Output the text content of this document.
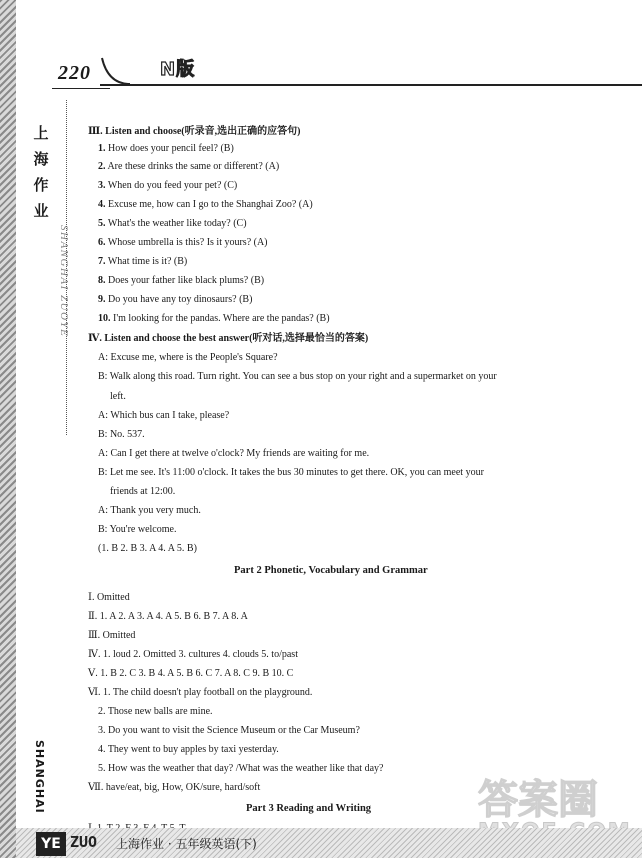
220	N版
上
海
作
业
SHANGHAI ZUOYE
Ⅲ. Listen and choose(听录音,选出正确的应答句)
1. How does your pencil feel? (B)
2. Are these drinks the same or different? (A)
3. When do you feed your pet? (C)
4. Excuse me, how can I go to the Shanghai Zoo? (A)
5. What's the weather like today? (C)
6. Whose umbrella is this? Is it yours? (A)
7. What time is it? (B)
8. Does your father like black plums? (B)
9. Do you have any toy dinosaurs? (B)
10. I'm looking for the pandas. Where are the pandas? (B)
Ⅳ. Listen and choose the best answer(听对话,选择最恰当的答案)
A: Excuse me, where is the People's Square?
B: Walk along this road. Turn right. You can see a bus stop on your right and a supermarket on your
left.
A: Which bus can I take, please?
B: No. 537.
A: Can I get there at twelve o'clock? My friends are waiting for me.
B: Let me see. It's 11:00 o'clock. It takes the bus 30 minutes to get there. OK, you can meet your
friends at 12:00.
A: Thank you very much.
B: You're welcome.
(1. B 2. B 3. A 4. A 5. B)
Part 2 Phonetic, Vocabulary and Grammar
Ⅰ. Omitted
Ⅱ. 1. A 2. A 3. A 4. A 5. B 6. B 7. A 8. A
Ⅲ. Omitted
Ⅳ. 1. loud 2. Omitted 3. cultures 4. clouds 5. to/past
Ⅴ. 1. B 2. C 3. B 4. A 5. B 6. C 7. A 8. C 9. B 10. C
Ⅵ. 1. The child doesn't play football on the playground.
2. Those new balls are mine.
3. Do you want to visit the Science Museum or the Car Museum?
4. They went to buy apples by taxi yesterday.
5. How was the weather that day? /What was the weather like that day?
Ⅶ. have/eat, big, How, OK/sure, hard/soft
Part 3 Reading and Writing
SHANGHAI	答案圈
YE ZUO 上海作业 · 五年级英语(下)
